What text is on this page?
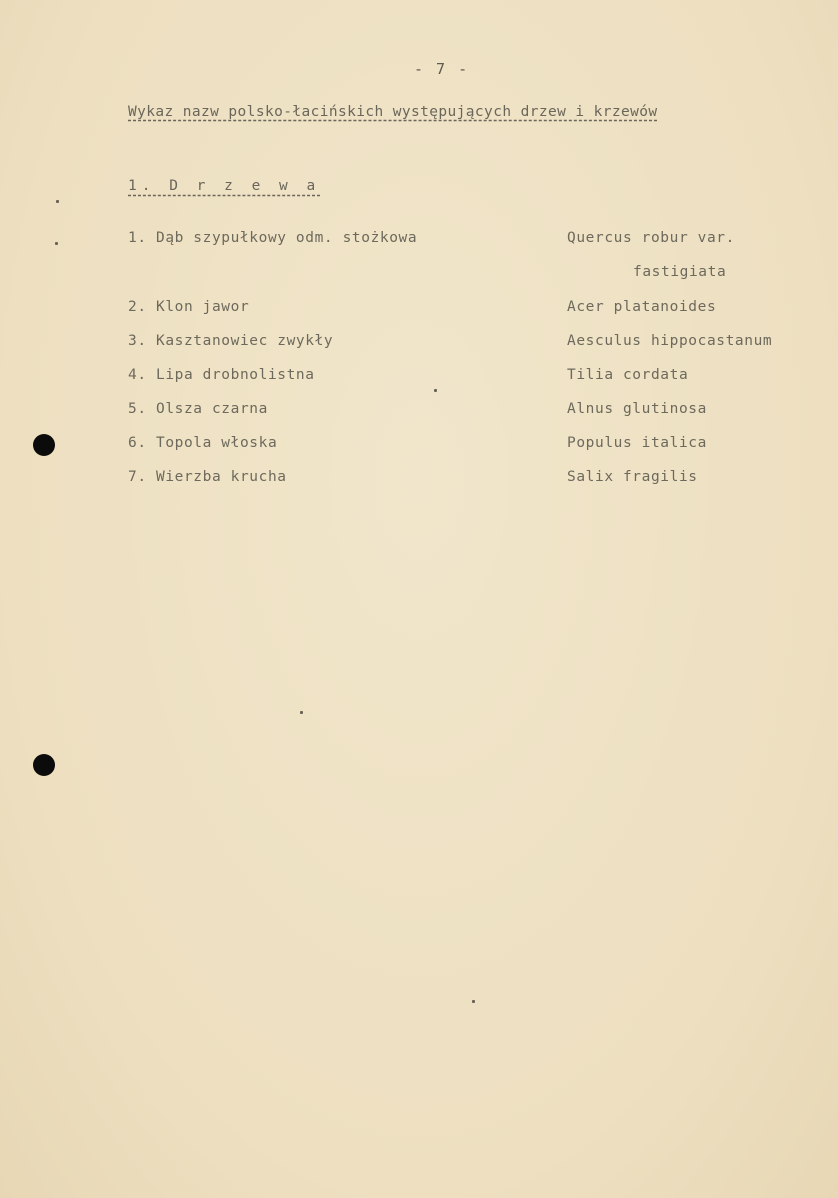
- 7 -
Wykaz nazw polsko-łacińskich występujących drzew i krzewów
1. D r z e w a
1. Dąb szypułkowy odm. stożkowa	Quercus robur var.
fastigiata
2. Klon jawor	Acer platanoides
3. Kasztanowiec zwykły	Aesculus hippocastanum
4. Lipa drobnolistna	Tilia cordata
5. Olsza czarna	Alnus glutinosa
6. Topola włoska	Populus italica
7. Wierzba krucha	Salix fragilis
